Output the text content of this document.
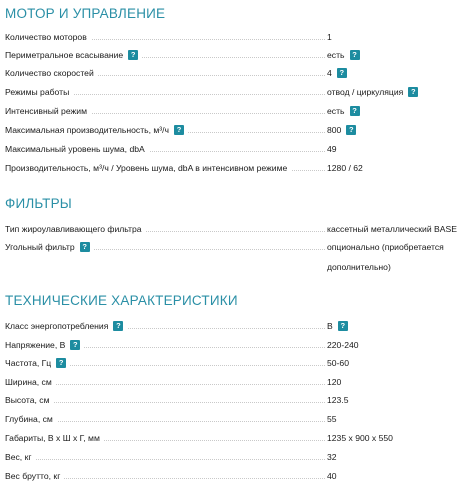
МОТОР И УПРАВЛЕНИЕ
Количество моторов	1
Периметральное всасывание ?	есть ?
Количество скоростей	4 ?
Режимы работы	отвод / циркуляция ?
Интенсивный режим	есть ?
Максимальная производительность, м³/ч ?	800 ?
Максимальный уровень шума, dbA	49
Производительность, м³/ч / Уровень шума, dbA в интенсивном режиме	1280 / 62
ФИЛЬТРЫ
Тип жироулавливающего фильтра	кассетный металлический BASE
Угольный фильтр ?	опционально (приобретается
дополнительно)
ТЕХНИЧЕСКИЕ ХАРАКТЕРИСТИКИ
Класс энергопотребления ?	B ?
Напряжение, В ?	220-240
Частота, Гц ?	50-60
Ширина, см	120
Высота, см	123.5
Глубина, см	55
Габариты, В х Ш х Г, мм	1235 х 900 х 550
Вес, кг	32
Вес брутто, кг	40
